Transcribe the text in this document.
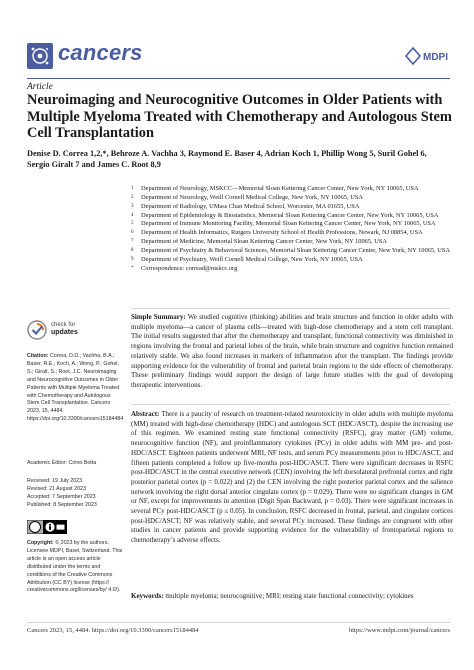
cancers	MDPI
Article
Neuroimaging and Neurocognitive Outcomes in Older Patients with Multiple Myeloma Treated with Chemotherapy and Autologous Stem Cell Transplantation
Denise D. Correa 1,2,*, Behroze A. Vachha 3, Raymond E. Baser 4, Adrian Koch 1, Phillip Wong 5, Suril Gohel 6,
Sergio Giralt 7 and James C. Root 8,9
1	Department of Neurology, MSKCC—Memorial Sloan Kettering Cancer Center, New York, NY 10065, USA
2	Department of Neurology, Weill Cornell Medical College, New York, NY 10065, USA
3	Department of Radiology, UMass Chan Medical School, Worcester, MA 01655, USA
4	Department of Epidemiology & Biostatistics, Memorial Sloan Kettering Cancer Center, New York, NY 10065, USA
5	Department of Immune Monitoring Facility, Memorial Sloan Kettering Cancer Center, New York, NY 10065, USA
6	Department of Health Informatics, Rutgers University School of Health Professions, Newark, NJ 08854, USA
7	Department of Medicine, Memorial Sloan Kettering Cancer Center, New York, NY 10065, USA
8	Department of Psychiatry & Behavioral Sciences, Memorial Sloan Kettering Cancer Center, New York, NY 10065, USA
9	Department of Psychiatry, Weill Cornell Medical College, New York, NY 10065, USA
*	Correspondence: corread@mskcc.org
Simple Summary: We studied cognitive (thinking) abilities and brain structure and function in older adults with multiple myeloma—a cancer of plasma cells—treated with high-dose chemotherapy and a stem cell transplant. The initial results suggested that after the chemotherapy and transplant, functional connectivity was diminished in regions involving the frontal and parietal lobes of the brain, while brain structure and cognitive function remained relatively stable. We also found increases in markers of inflammation after the transplant. The findings provide supporting evidence for the vulnerability of frontal and parietal brain regions to the side effects of chemotherapy. These preliminary findings would support the design of large future studies with the goal of developing therapeutic interventions.
Abstract: There is a paucity of research on treatment-related neurotoxicity in older adults with multiple myeloma (MM) treated with high-dose chemotherapy (HDC) and autologous SCT (HDC/ASCT), despite the increasing use of this regimen. We examined resting state functional connectivity (RSFC), gray matter (GM) volume, neurocognitive function (NF), and proinflammatory cytokines (PCy) in older adults with MM pre- and post-HDC/ASCT. Eighteen patients underwent MRI, NF tests, and serum PCy measurements prior to HDC/ASCT, and fifteen patients completed a follow up five-months post-HDC/ASCT. There were significant decreases in RSFC post-HDC/ASCT in the central executive network (CEN) involving the left dorsolateral prefrontal cortex and right posterior parietal cortex (p = 0.022) and (2) the CEN involving the right posterior parietal cortex and the salience network involving the right dorsal anterior cingulate cortex (p = 0.029). There were no significant changes in GM or NF, except for improvements in attention (Digit Span Backward, p = 0.03). There were significant increases in several PCy post-HDC/ASCT (p ≤ 0.05). In conclusion, RSFC decreased in frontal, parietal, and cingulate cortices post-HDC/ASCT; NF was relatively stable, and several PCy increased. These findings are congruent with other studies in cancer patients and provide supporting evidence for the vulnerability of frontoparietal regions to chemotherapy’s adverse effects.
Keywords: multiple myeloma; neurocognitive; MRI; resting state functional connectivity; cytokines
check for
updates
Citation: Correa, D.D.; Vachha, B.A.; Baser, R.E.; Koch, A.; Wong, P.; Gohel, S.; Giralt, S.; Root, J.C. Neuroimaging and Neurocognitive Outcomes in Older Patients with Multiple Myeloma Treated with Chemotherapy and Autologous Stem Cell Transplantation. Cancers 2023, 15, 4484. https://doi.org/10.3390/cancers15184484
Academic Editor: Cirino Botta
Received: 19 July 2023
Revised: 21 August 2023
Accepted: 7 September 2023
Published: 8 September 2023
Copyright: © 2023 by the authors. Licensee MDPI, Basel, Switzerland. This article is an open access article distributed under the terms and conditions of the Creative Commons Attribution (CC BY) license (https:// creativecommons.org/licenses/by/ 4.0/).
Cancers 2023, 15, 4484. https://doi.org/10.3390/cancers15184484	https://www.mdpi.com/journal/cancers
